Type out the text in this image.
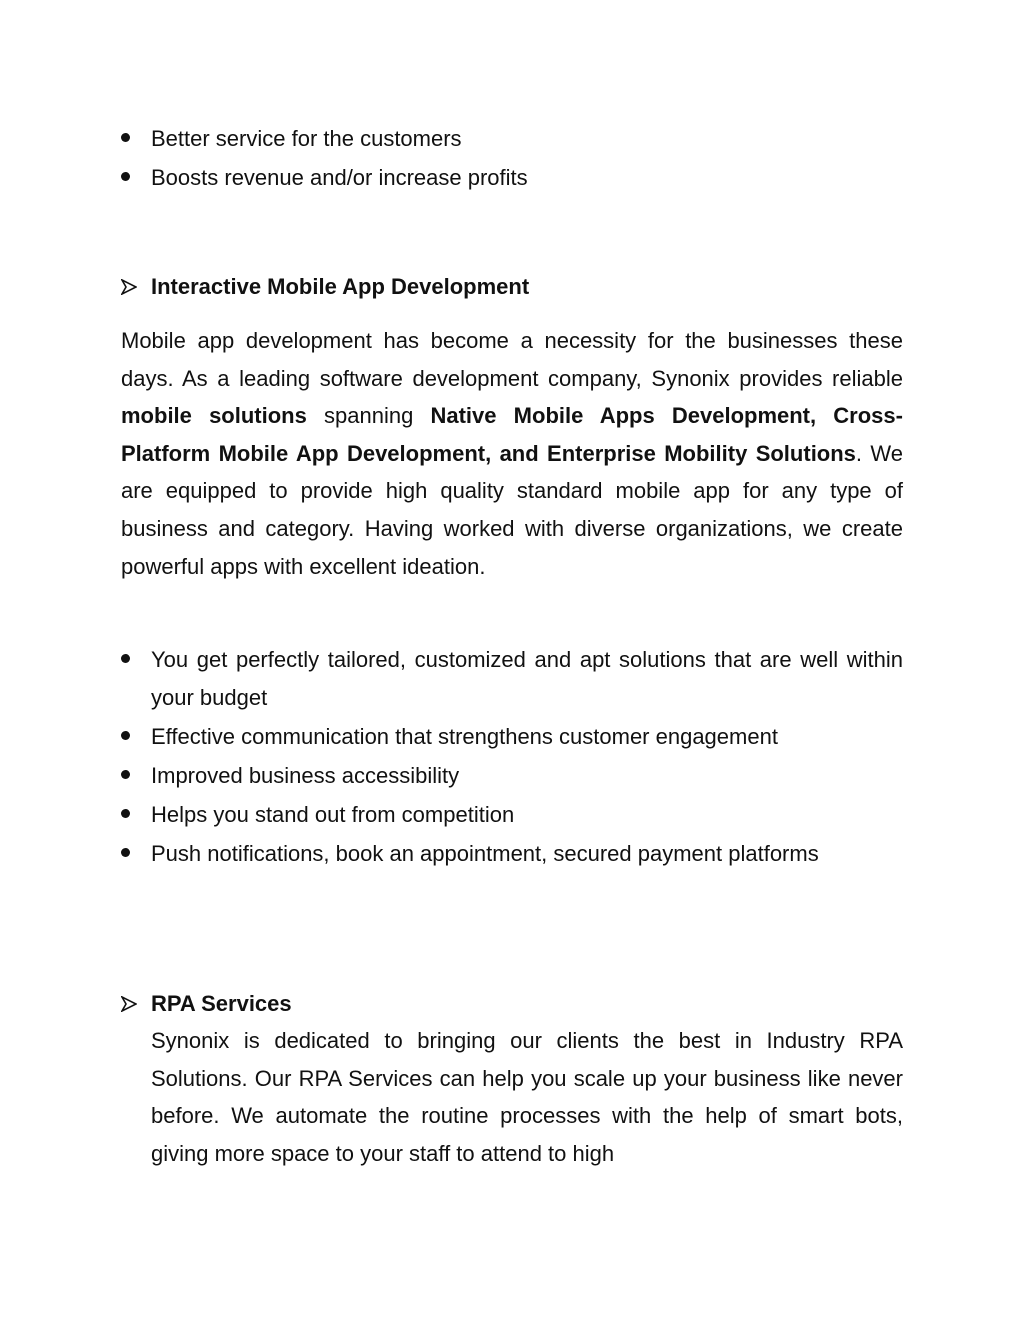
Better service for the customers
Boosts revenue and/or increase profits
Interactive Mobile App Development
Mobile app development has become a necessity for the businesses these days. As a leading software development company, Synonix provides reliable mobile solutions spanning Native Mobile Apps Development, Cross-Platform Mobile App Development, and Enterprise Mobility Solutions. We are equipped to provide high quality standard mobile app for any type of business and category. Having worked with diverse organizations, we create powerful apps with excellent ideation.
You get perfectly tailored, customized and apt solutions that are well within your budget
Effective communication that strengthens customer engagement
Improved business accessibility
Helps you stand out from competition
Push notifications, book an appointment, secured payment platforms
RPA Services
Synonix is dedicated to bringing our clients the best in Industry RPA Solutions. Our RPA Services can help you scale up your business like never before. We automate the routine processes with the help of smart bots, giving more space to your staff to attend to high
